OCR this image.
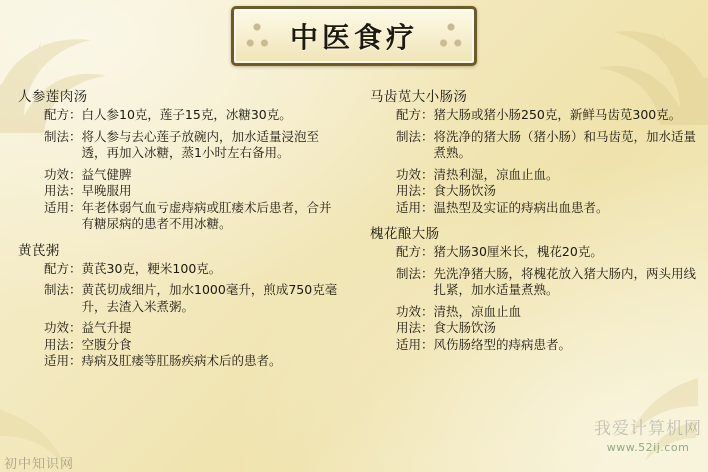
中医食疗
人参莲肉汤
配方 ： 白人参10克，莲子15克，冰糖30克。
制法 ： 将人参与去心莲子放碗内，加水适量浸泡至透，再加入冰糖，蒸1小时左右备用。
功效 ： 益气健脾
用法 ： 早晚服用
适用 ： 年老体弱气血亏虚痔病或肛瘘术后患者，合并有糖尿病的患者不用冰糖。
黄芪粥
配方 ： 黄芪30克，粳米100克。
制法 ： 黄芪切成细片，加水1000毫升，煎成750克毫升，去渣入米煮粥。
功效 ： 益气升提
用法 ： 空腹分食
适用 ： 痔病及肛瘘等肛肠疾病术后的患者。
马齿苋大小肠汤
配方 ： 猪大肠或猪小肠250克，新鲜马齿苋300克。
制法 ： 将洗净的猪大肠（猪小肠）和马齿苋，加水适量煮熟。
功效 ： 清热利湿，凉血止血。
用法 ： 食大肠饮汤
适用 ： 温热型及实证的痔病出血患者。
槐花酿大肠
配方 ： 猪大肠30厘米长，槐花20克。
制法 ： 先洗净猪大肠，将槐花放入猪大肠内，两头用线扎紧，加水适量煮熟。
功效 ： 清热，凉血止血
用法 ： 食大肠饮汤
适用 ： 风伤肠络型的痔病患者。
我爱计算机网
www.52ij.com
初中知识网
